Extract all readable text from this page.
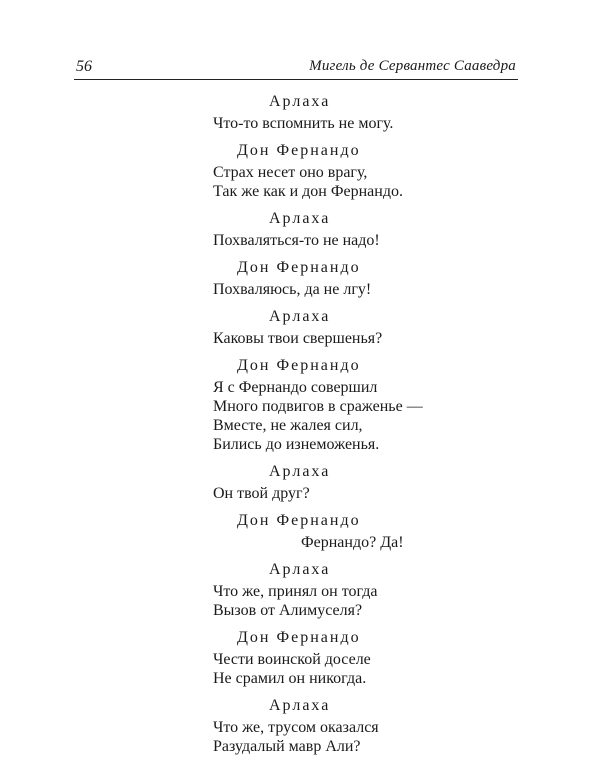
56	Мигель де Сервантес Сааведра
Арлаха
Что-то вспомнить не могу.
Дон Фернандо
Страх несет оно врагу,
Так же как и дон Фернандо.
Арлаха
Похваляться-то не надо!
Дон Фернандо
Похваляюсь, да не лгу!
Арлаха
Каковы твои свершенья?
Дон Фернандо
Я с Фернандо совершил
Много подвигов в сраженье —
Вместе, не жалея сил,
Бились до изнеможенья.
Арлаха
Он твой друг?
Дон Фернандо
Фернандо? Да!
Арлаха
Что же, принял он тогда
Вызов от Алимуселя?
Дон Фернандо
Чести воинской доселе
Не срамил он никогда.
Арлаха
Что же, трусом оказался
Разудалый мавр Али?
